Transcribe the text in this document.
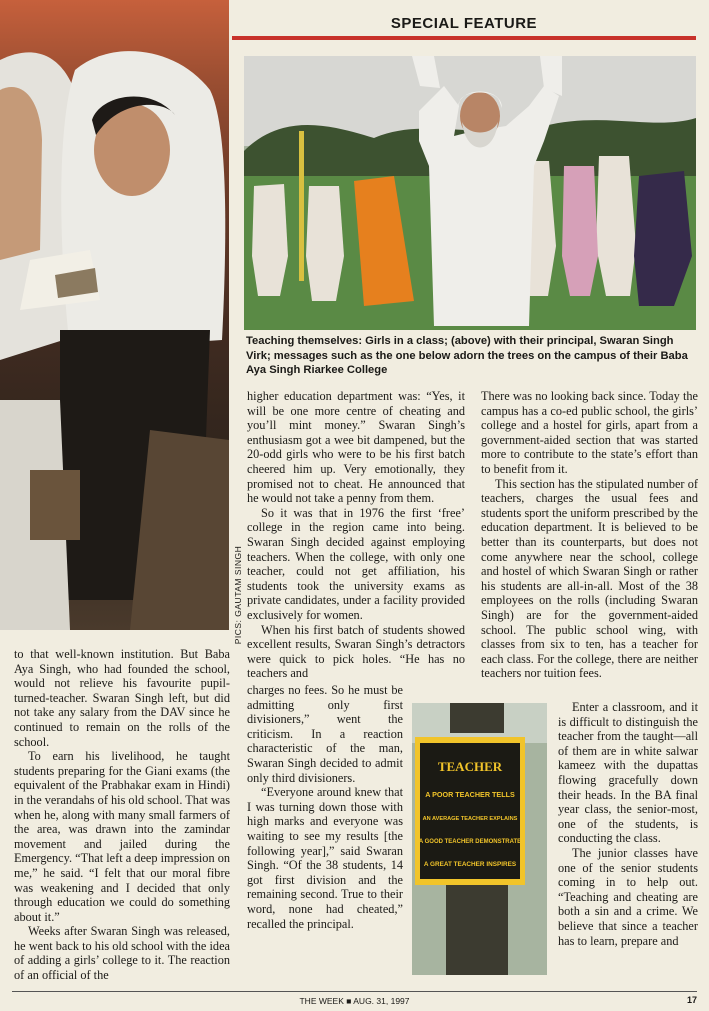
SPECIAL FEATURE

Teaching themselves: Girls in a class; (above) with their principal, Swaran Singh Virk; messages such as the one below adorn the trees on the campus of their Baba Aya Singh Riarkee College

PICS: GAUTAM SINGH

to that well-known institution. But Baba Aya Singh, who had founded the school, would not relieve his favourite pupil-turned-teacher. Swaran Singh left, but did not take any salary from the DAV since he continued to remain on the rolls of the school.

To earn his livelihood, he taught students preparing for the Giani exams (the equivalent of the Prabhakar exam in Hindi) in the verandahs of his old school. That was when he, along with many small farmers of the area, was drawn into the zamindar movement and jailed during the Emergency. “That left a deep impression on me,” he said. “I felt that our moral fibre was weakening and I decided that only through education we could do something about it.”

Weeks after Swaran Singh was released, he went back to his old school with the idea of adding a girls’ college to it. The reaction of an official of the

higher education department was: “Yes, it will be one more centre of cheating and you’ll mint money.” Swaran Singh’s enthusiasm got a wee bit dampened, but the 20-odd girls who were to be his first batch cheered him up. Very emotionally, they promised not to cheat. He announced that he would not take a penny from them.

So it was that in 1976 the first ‘free’ college in the region came into being. Swaran Singh decided against employing teachers. When the college, with only one teacher, could not get affiliation, his students took the university exams as private candidates, under a facility provided exclusively for women.

When his first batch of students showed excellent results, Swaran Singh’s detractors were quick to pick holes. “He has no teachers and

charges no fees. So he must be admitting only first divisioners,” went the criticism. In a reaction characteristic of the man, Swaran Singh decided to admit only third divisioners.

“Everyone around knew that I was turning down those with high marks and everyone was waiting to see my results [the following year],” said Swaran Singh. “Of the 38 students, 14 got first division and the remaining second. True to their word, none had cheated,” recalled the principal.

TEACHER
A POOR TEACHER TELLS
AN AVERAGE TEACHER EXPLAINS
A GOOD TEACHER DEMONSTRATE
A GREAT TEACHER INSPIRES

There was no looking back since. Today the campus has a co-ed public school, the girls’ college and a hostel for girls, apart from a government-aided section that was started more to contribute to the state’s effort than to benefit from it.

This section has the stipulated number of teachers, charges the usual fees and students sport the uniform prescribed by the education department. It is believed to be better than its counterparts, but does not come anywhere near the school, college and hostel of which Swaran Singh or rather his students are all-in-all. Most of the 38 employees on the rolls (including Swaran Singh) are for the government-aided school. The public school wing, with classes from six to ten, has a teacher for each class. For the college, there are neither teachers nor tuition fees.

Enter a classroom, and it is difficult to distinguish the teacher from the taught—all of them are in white salwar kameez with the dupattas flowing gracefully down their heads. In the BA final year class, the senior-most, one of the students, is conducting the class.

The junior classes have one of the senior students coming in to help out. “Teaching and cheating are both a sin and a crime. We believe that since a teacher has to learn, prepare and

THE WEEK ■ AUG. 31, 1997	17
